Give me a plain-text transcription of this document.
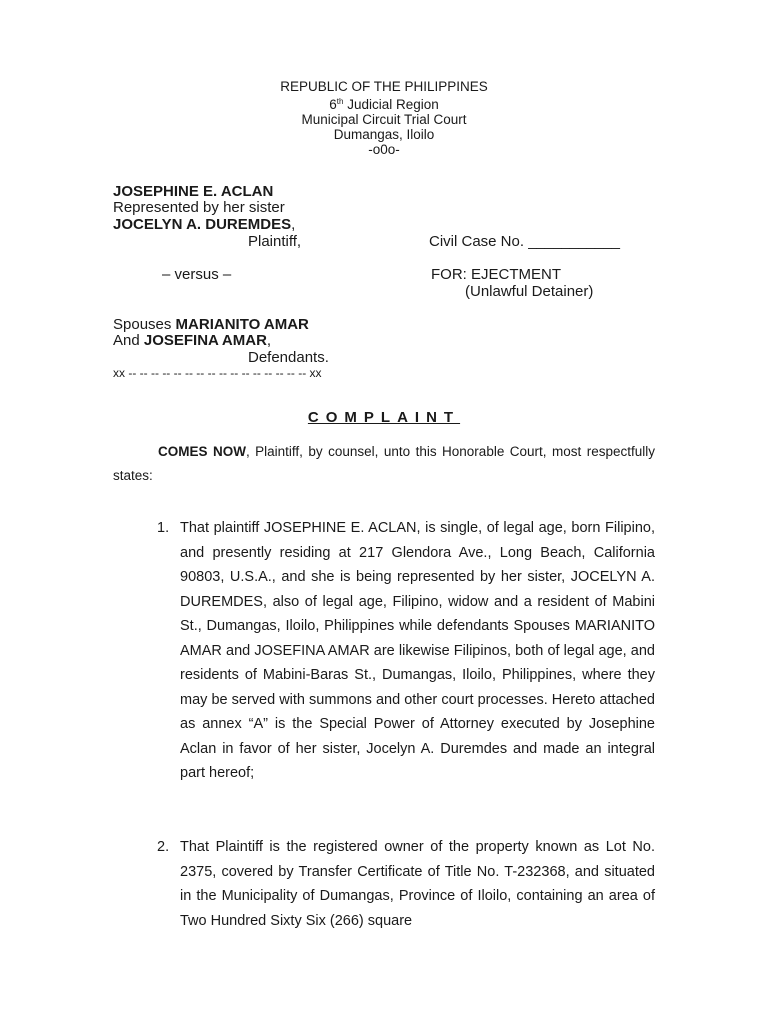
REPUBLIC OF THE PHILIPPINES
6th Judicial Region
Municipal Circuit Trial Court
Dumangas, Iloilo
-o0o-
JOSEPHINE E. ACLAN
Represented by her sister
JOCELYN A. DUREMDES,
Plaintiff,	Civil Case No. ___________
– versus –	FOR: EJECTMENT
(Unlawful Detainer)
Spouses MARIANITO AMAR
And JOSEFINA AMAR,
Defendants.
xx -- -- -- -- -- -- -- -- -- -- -- -- -- -- -- -- xx
COMPLAINT
COMES NOW, Plaintiff, by counsel, unto this Honorable Court, most respectfully states:
1. That plaintiff JOSEPHINE E. ACLAN, is single, of legal age, born Filipino, and presently residing at 217 Glendora Ave., Long Beach, California 90803, U.S.A., and she is being represented by her sister, JOCELYN A. DUREMDES, also of legal age, Filipino, widow and a resident of Mabini St., Dumangas, Iloilo, Philippines while defendants Spouses MARIANITO AMAR and JOSEFINA AMAR are likewise Filipinos, both of legal age, and residents of Mabini-Baras St., Dumangas, Iloilo, Philippines, where they may be served with summons and other court processes. Hereto attached as annex “A” is the Special Power of Attorney executed by Josephine Aclan in favor of her sister, Jocelyn A. Duremdes and made an integral part hereof;
2. That Plaintiff is the registered owner of the property known as Lot No. 2375, covered by Transfer Certificate of Title No. T-232368, and situated in the Municipality of Dumangas, Province of Iloilo, containing an area of Two Hundred Sixty Six (266) square
